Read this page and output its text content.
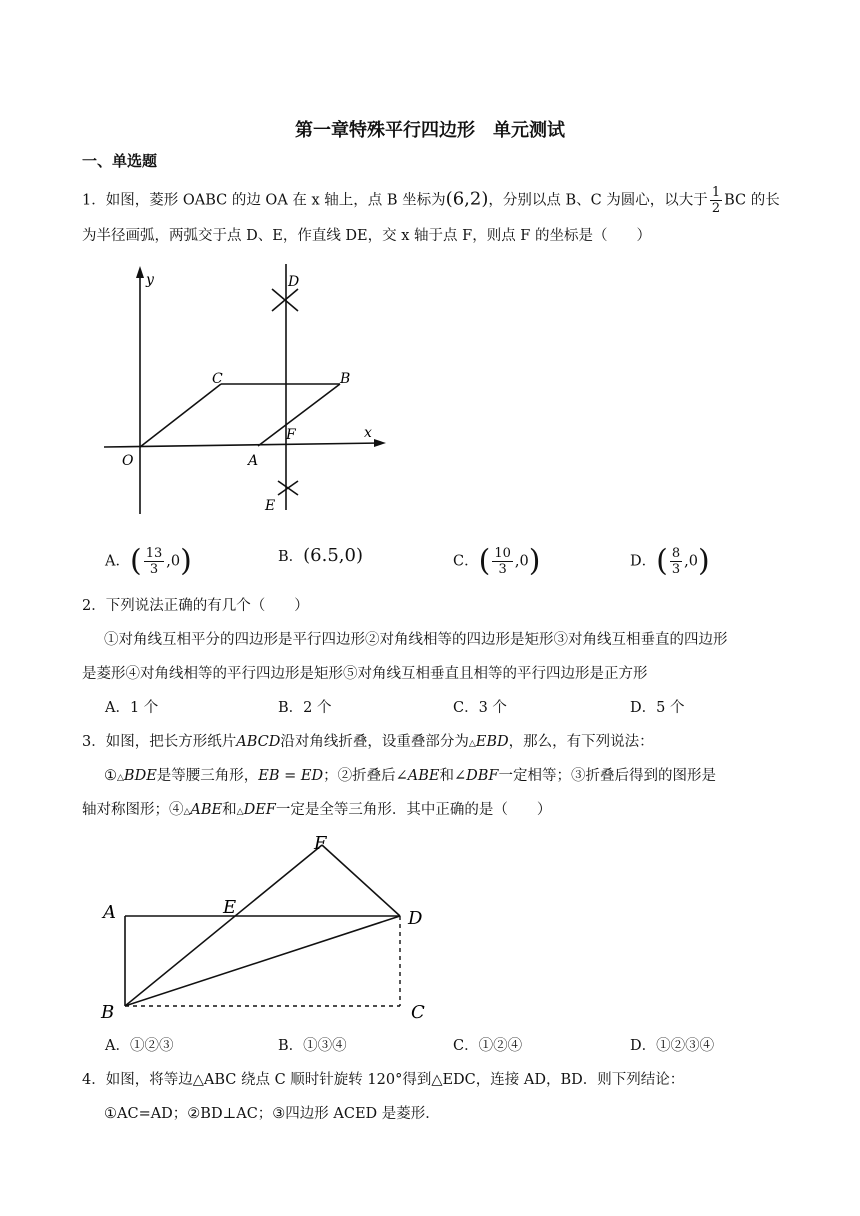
第一章特殊平行四边形　单元测试
一、单选题
1．如图，菱形 OABC 的边 OA 在 x 轴上，点 B 坐标为(6,2)，分别以点 B、C 为圆心，以大于 $\frac{1}{2}$ BC 的长
为半径画弧，两弧交于点 D、E，作直线 DE，交 x 轴于点 F，则点 F 的坐标是（　　）
y
x
O	A
B
C
D
E
F
A．( $\frac{13}{3} ,0$)	B．(6.5,0)	C．( $\frac{10}{3} ,0$)	D．( $\frac{8}{3} ,0$)
2．下列说法正确的有几个（　　）
①对角线互相平分的四边形是平行四边形②对角线相等的四边形是矩形③对角线互相垂直的四边形
是菱形④对角线相等的平行四边形是矩形⑤对角线互相垂直且相等的平行四边形是正方形
A．1 个	B．2 个	C．3 个	D．5 个
3．如图，把长方形纸片ABCD沿对角线折叠，设重叠部分为△EBD，那么，有下列说法：
①△BDE是等腰三角形，EB = ED；②折叠后∠ABE和∠DBF一定相等；③折叠后得到的图形是
轴对称图形；④△ABE和△DEF一定是全等三角形．其中正确的是（　　）
A
B	C
D
E
F
A．①②③	B．①③④	C．①②④	D．①②③④
4．如图，将等边△ABC 绕点 C 顺时针旋转 120°得到△EDC，连接 AD，BD．则下列结论：
①AC=AD；②BD⊥AC；③四边形 ACED 是菱形．
